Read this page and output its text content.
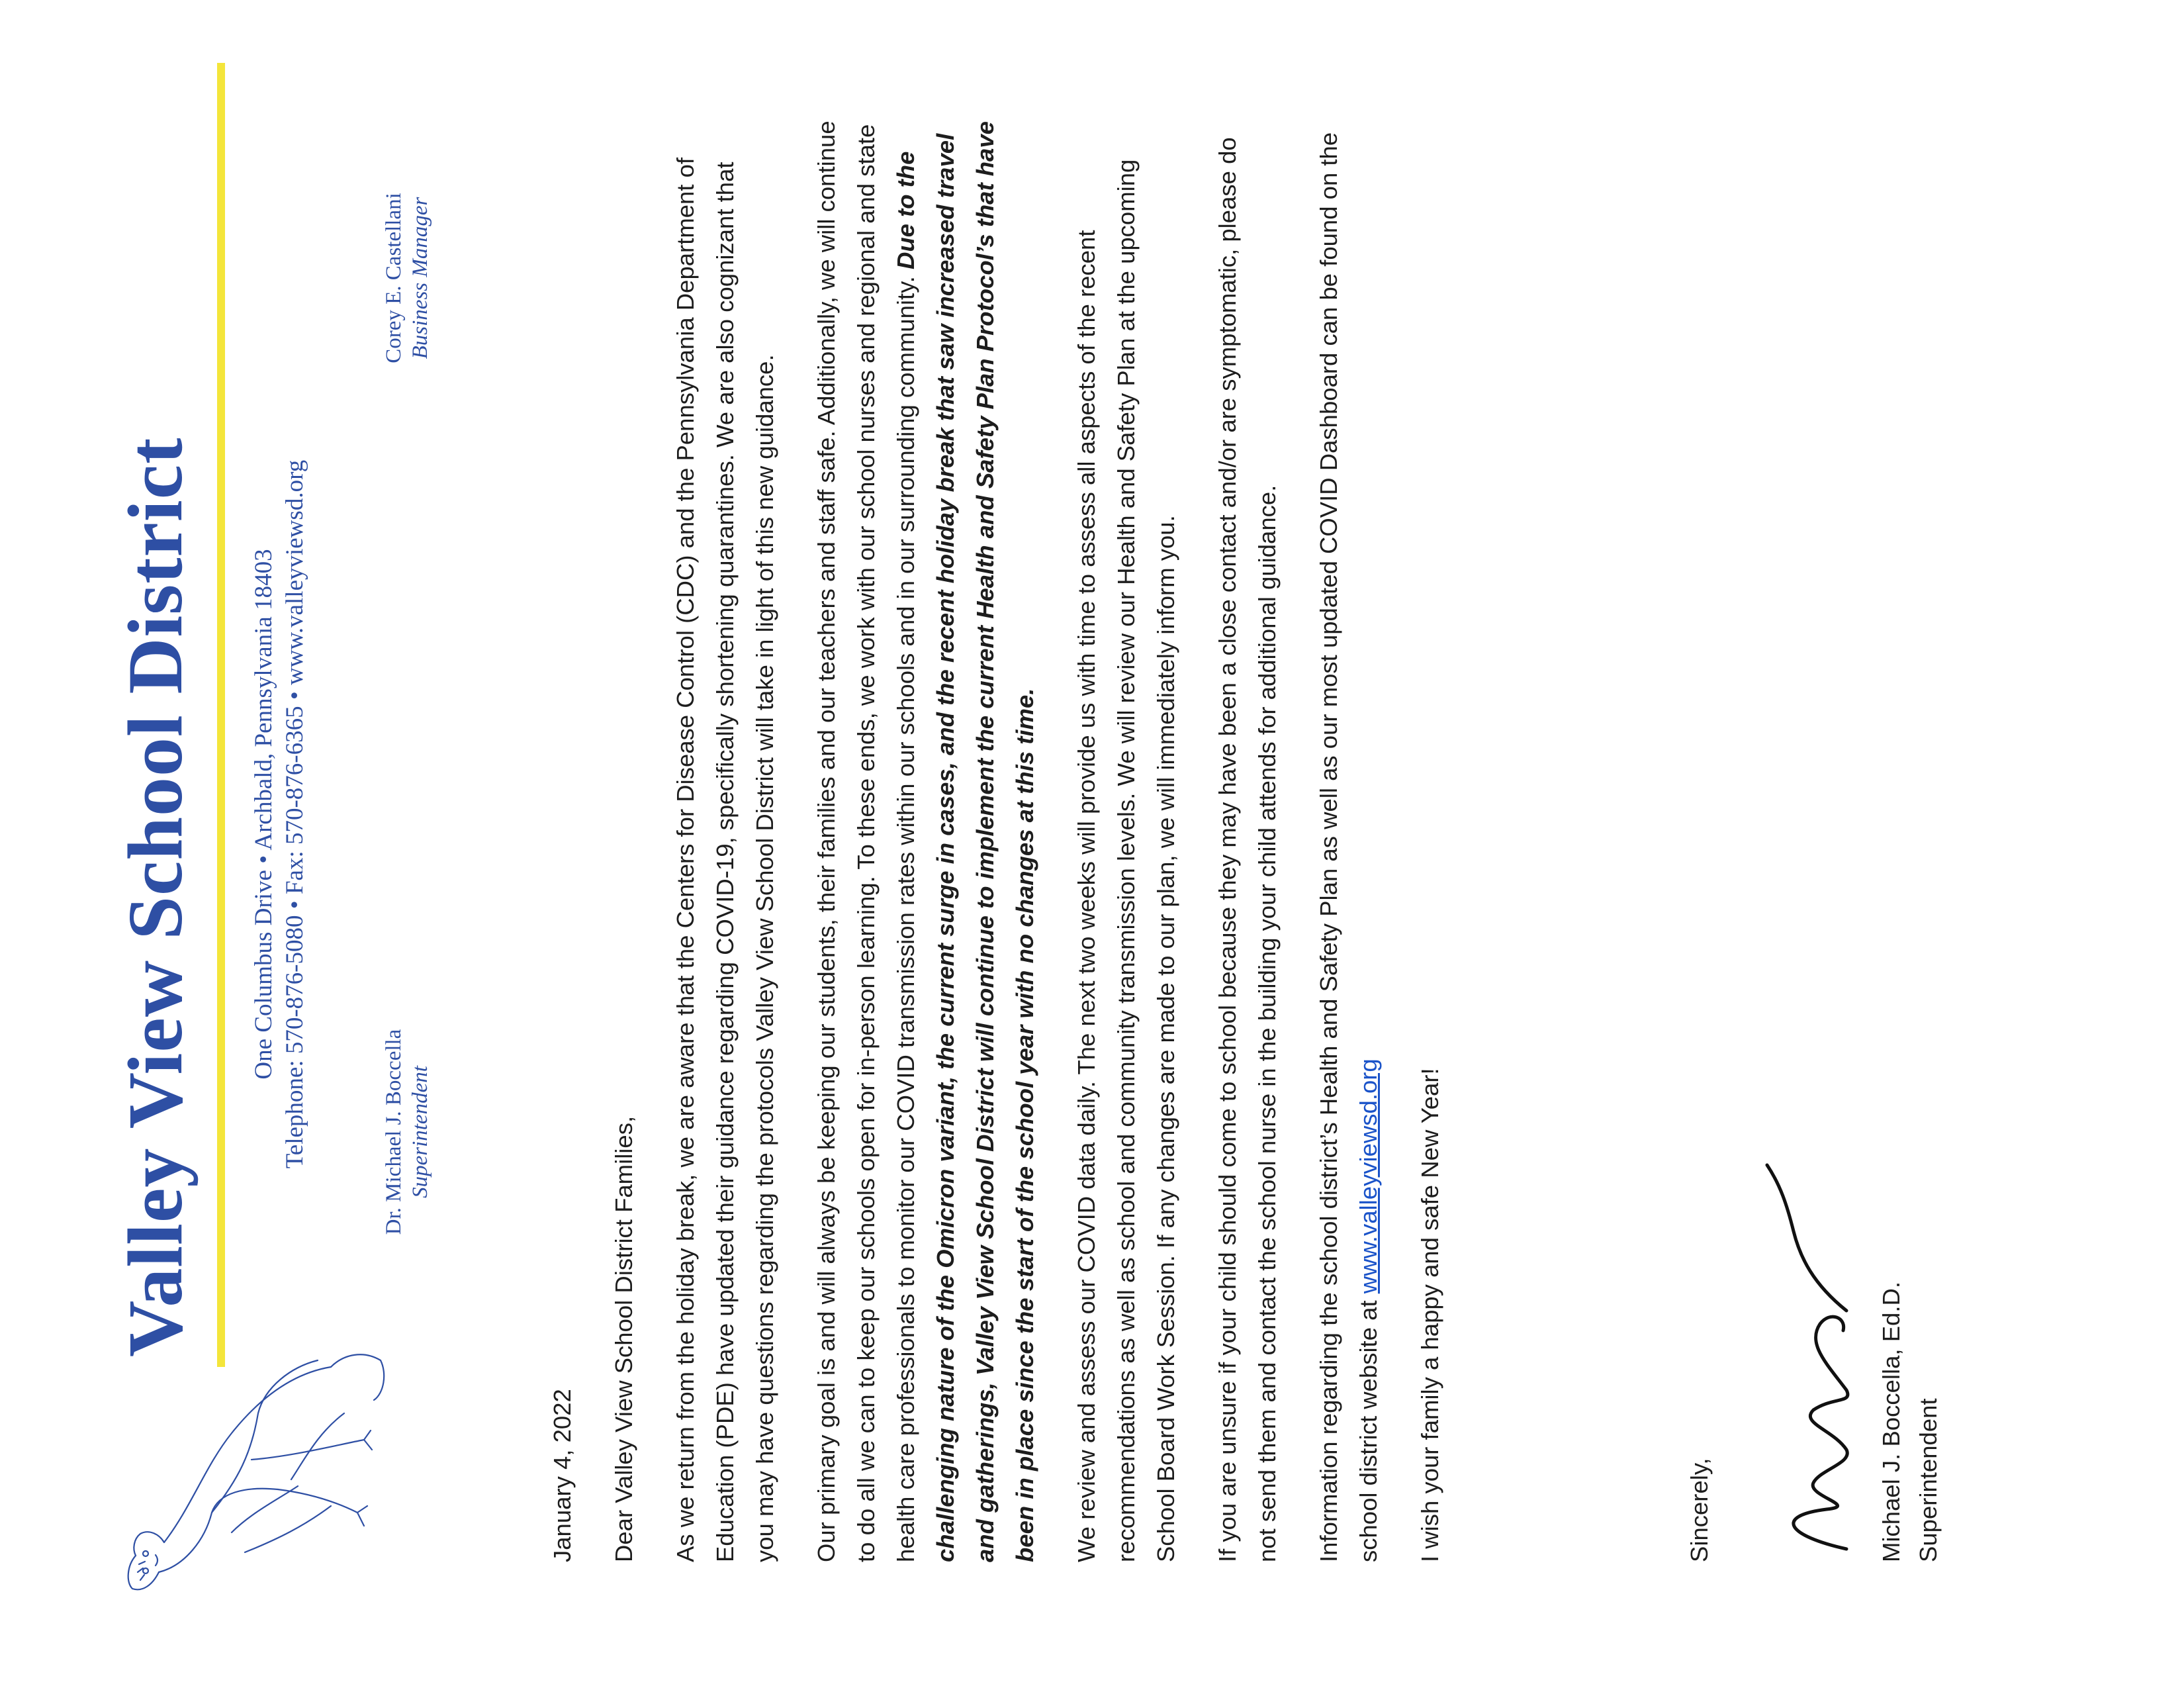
Valley View School District One Columbus Drive • Archbald, Pennsylvania 18403 Telephone: 570-876-5080 • Fax: 570-876-6365 • www.valleyviewsd.org	Dr. Michael J. Boccella Superintendent
Corey E. Castellani Business Manager

January 4, 2022 Dear Valley View School District Families, As we return from the holiday break, we are aware that the Centers for Disease Control (CDC) and the Pennsylvania Department of Education (PDE) have updated their guidance regarding COVID-19, specifically shortening quarantines. We are also cognizant that you may have questions regarding the protocols Valley View School District will take in light of this new guidance. Our primary goal is and will always be keeping our students, their families and our teachers and staff safe. Additionally, we will continue to do all we can to keep our schools open for in-person learning. To these ends, we work with our school nurses and regional and state health care professionals to monitor our COVID transmission rates within our schools and in our surrounding community. Due to the challenging nature of the Omicron variant, the current surge in cases, and the recent holiday break that saw increased travel and gatherings, Valley View School District will continue to implement the current Health and Safety Plan Protocol’s that have been in place since the start of the school year with no changes at this time. We review and assess our COVID data daily. The next two weeks will provide us with time to assess all aspects of the recent recommendations as well as school and community transmission levels. We will review our Health and Safety Plan at the upcoming School Board Work Session. If any changes are made to our plan, we will immediately inform you. If you are unsure if your child should come to school because they may have been a close contact and/or are symptomatic, please do not send them and contact the school nurse in the building your child attends for additional guidance. Information regarding the school district’s Health and Safety Plan as well as our most updated COVID Dashboard can be found on the school district website at www.valleyviewsd.org I wish your family a happy and safe New Year!	Sincerely,	Michael J. Boccella, Ed.D. Superintendent
